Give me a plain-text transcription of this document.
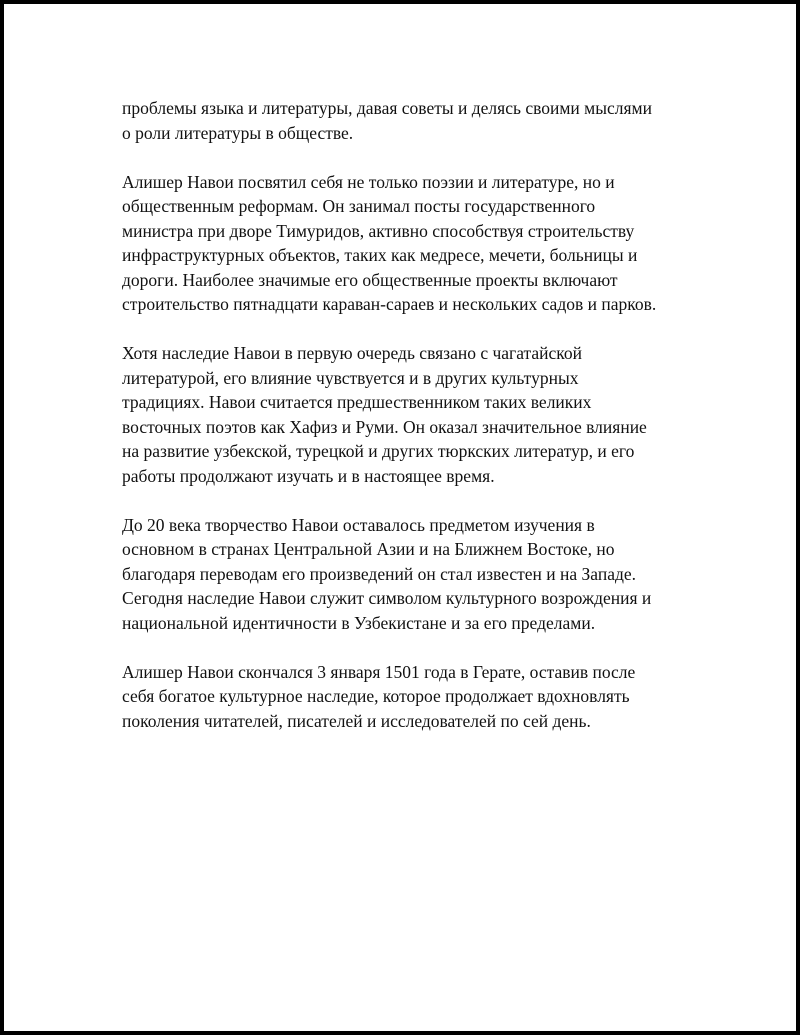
проблемы языка и литературы, давая советы и делясь своими мыслями
о роли литературы в обществе.

Алишер Навои посвятил себя не только поэзии и литературе, но и
общественным реформам. Он занимал посты государственного
министра при дворе Тимуридов, активно способствуя строительству
инфраструктурных объектов, таких как медресе, мечети, больницы и
дороги. Наиболее значимые его общественные проекты включают
строительство пятнадцати караван-сараев и нескольких садов и парков.

Хотя наследие Навои в первую очередь связано с чагатайской
литературой, его влияние чувствуется и в других культурных
традициях. Навои считается предшественником таких великих
восточных поэтов как Хафиз и Руми. Он оказал значительное влияние
на развитие узбекской, турецкой и других тюркских литератур, и его
работы продолжают изучать и в настоящее время.

До 20 века творчество Навои оставалось предметом изучения в
основном в странах Центральной Азии и на Ближнем Востоке, но
благодаря переводам его произведений он стал известен и на Западе.
Сегодня наследие Навои служит символом культурного возрождения и
национальной идентичности в Узбекистане и за его пределами.

Алишер Навои скончался 3 января 1501 года в Герате, оставив после
себя богатое культурное наследие, которое продолжает вдохновлять
поколения читателей, писателей и исследователей по сей день.
